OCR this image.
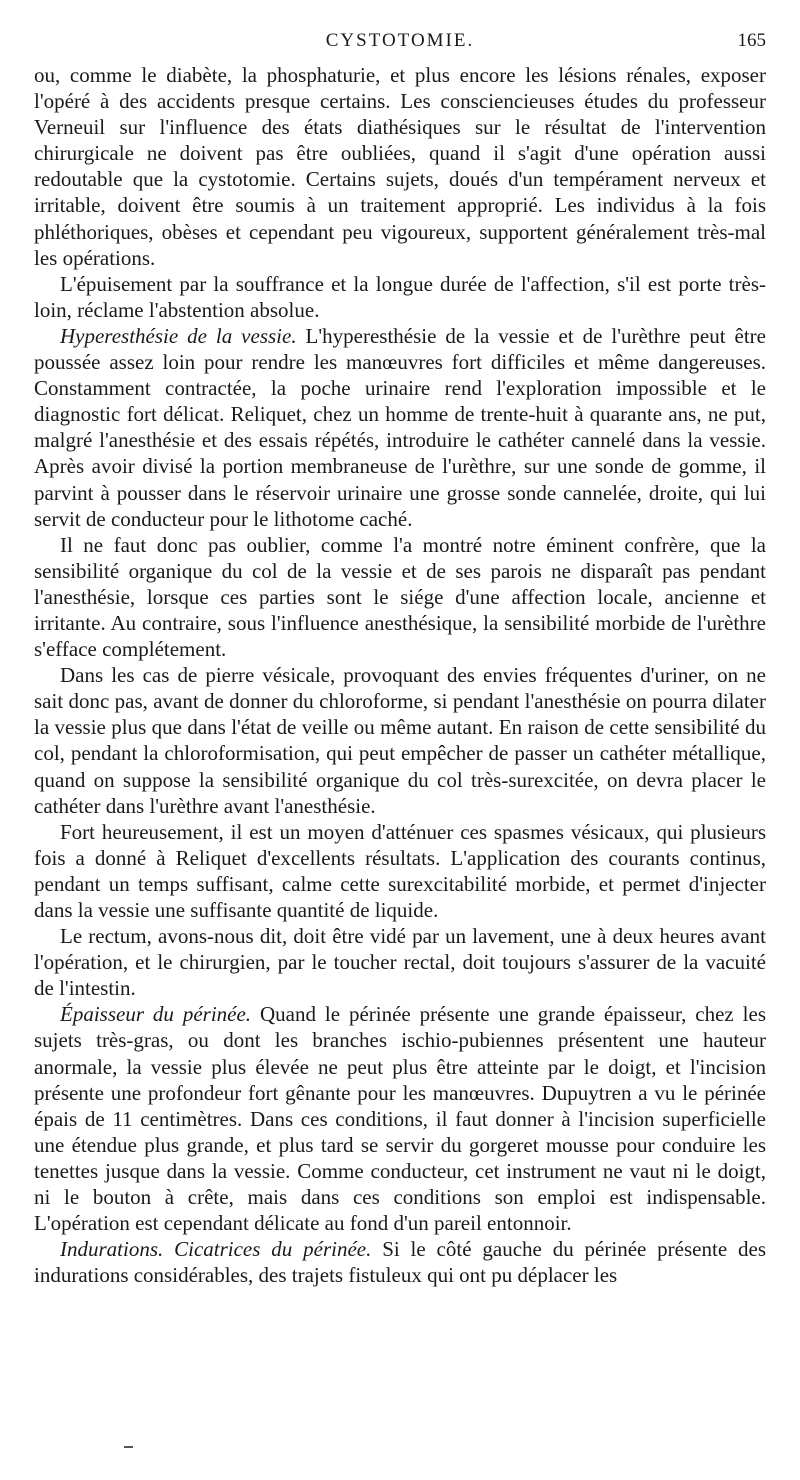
CYSTOTOMIE.	165

ou, comme le diabète, la phosphaturie, et plus encore les lésions rénales, exposer l'opéré à des accidents presque certains. Les consciencieuses études du professeur Verneuil sur l'influence des états diathésiques sur le résultat de l'intervention chirurgicale ne doivent pas être oubliées, quand il s'agit d'une opération aussi redoutable que la cystotomie. Certains sujets, doués d'un tempérament nerveux et irritable, doivent être soumis à un traitement approprié. Les individus à la fois phléthoriques, obèses et cependant peu vigoureux, supportent généralement très-mal les opérations.

L'épuisement par la souffrance et la longue durée de l'affection, s'il est porte très-loin, réclame l'abstention absolue.

Hyperesthésie de la vessie. L'hyperesthésie de la vessie et de l'urèthre peut être poussée assez loin pour rendre les manœuvres fort difficiles et même dangereuses. Constamment contractée, la poche urinaire rend l'exploration impossible et le diagnostic fort délicat. Reliquet, chez un homme de trente-huit à quarante ans, ne put, malgré l'anesthésie et des essais répétés, introduire le cathéter cannelé dans la vessie. Après avoir divisé la portion membraneuse de l'urèthre, sur une sonde de gomme, il parvint à pousser dans le réservoir urinaire une grosse sonde cannelée, droite, qui lui servit de conducteur pour le lithotome caché.

Il ne faut donc pas oublier, comme l'a montré notre éminent confrère, que la sensibilité organique du col de la vessie et de ses parois ne disparaît pas pendant l'anesthésie, lorsque ces parties sont le siége d'une affection locale, ancienne et irritante. Au contraire, sous l'influence anesthésique, la sensibilité morbide de l'urèthre s'efface complétement.

Dans les cas de pierre vésicale, provoquant des envies fréquentes d'uriner, on ne sait donc pas, avant de donner du chloroforme, si pendant l'anesthésie on pourra dilater la vessie plus que dans l'état de veille ou même autant. En raison de cette sensibilité du col, pendant la chloroformisation, qui peut empêcher de passer un cathéter métallique, quand on suppose la sensibilité organique du col très-surexcitée, on devra placer le cathéter dans l'urèthre avant l'anesthésie.

Fort heureusement, il est un moyen d'atténuer ces spasmes vésicaux, qui plusieurs fois a donné à Reliquet d'excellents résultats. L'application des courants continus, pendant un temps suffisant, calme cette surexcitabilité morbide, et permet d'injecter dans la vessie une suffisante quantité de liquide.

Le rectum, avons-nous dit, doit être vidé par un lavement, une à deux heures avant l'opération, et le chirurgien, par le toucher rectal, doit toujours s'assurer de la vacuité de l'intestin.

Épaisseur du périnée. Quand le périnée présente une grande épaisseur, chez les sujets très-gras, ou dont les branches ischio-pubiennes présentent une hauteur anormale, la vessie plus élevée ne peut plus être atteinte par le doigt, et l'incision présente une profondeur fort gênante pour les manœuvres. Dupuytren a vu le périnée épais de 11 centimètres. Dans ces conditions, il faut donner à l'incision superficielle une étendue plus grande, et plus tard se servir du gorgeret mousse pour conduire les tenettes jusque dans la vessie. Comme conducteur, cet instrument ne vaut ni le doigt, ni le bouton à crête, mais dans ces conditions son emploi est indispensable. L'opération est cependant délicate au fond d'un pareil entonnoir.

Indurations. Cicatrices du périnée. Si le côté gauche du périnée présente des indurations considérables, des trajets fistuleux qui ont pu déplacer les
